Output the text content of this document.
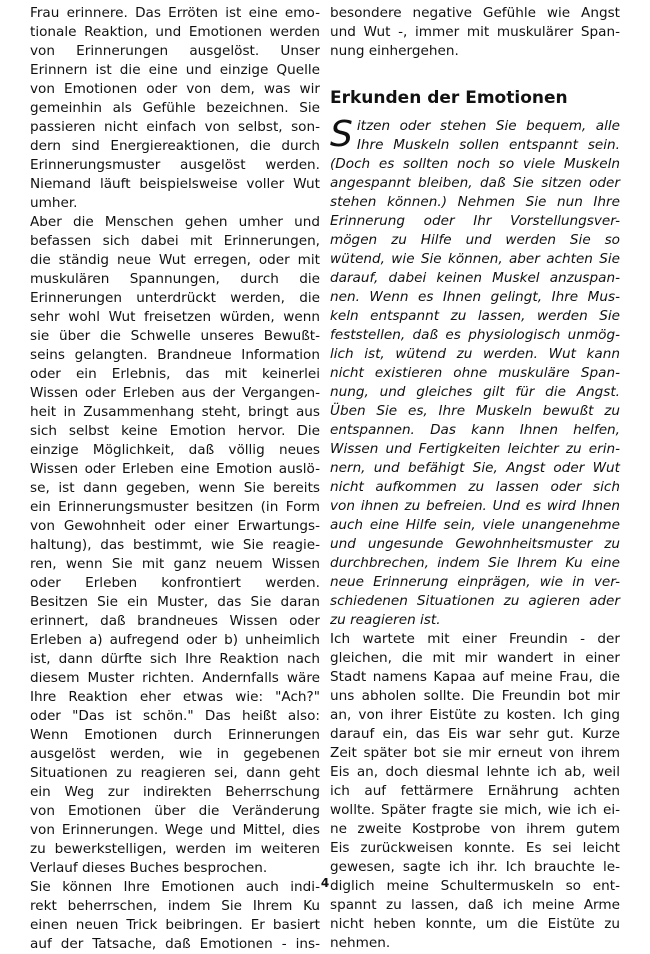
Frau erinnere. Das Erröten ist eine emo-
tionale Reaktion, und Emotionen werden
von Erinnerungen ausgelöst. Unser
Erinnern ist die eine und einzige Quelle
von Emotionen oder von dem, was wir
gemeinhin als Gefühle bezeichnen. Sie
passieren nicht einfach von selbst, son-
dern sind Energiereaktionen, die durch
Erinnerungsmuster ausgelöst werden.
Niemand läuft beispielsweise voller Wut
umher.
Aber die Menschen gehen umher und
befassen sich dabei mit Erinnerungen,
die ständig neue Wut erregen, oder mit
muskulären Spannungen, durch die
Erinnerungen unterdrückt werden, die
sehr wohl Wut freisetzen würden, wenn
sie über die Schwelle unseres Bewußt-
seins gelangten. Brandneue Information
oder ein Erlebnis, das mit keinerlei
Wissen oder Erleben aus der Vergangen-
heit in Zusammenhang steht, bringt aus
sich selbst keine Emotion hervor. Die
einzige Möglichkeit, daß völlig neues
Wissen oder Erleben eine Emotion auslö-
se, ist dann gegeben, wenn Sie bereits
ein Erinnerungsmuster besitzen (in Form
von Gewohnheit oder einer Erwartungs-
haltung), das bestimmt, wie Sie reagie-
ren, wenn Sie mit ganz neuem Wissen
oder Erleben konfrontiert werden.
Besitzen Sie ein Muster, das Sie daran
erinnert, daß brandneues Wissen oder
Erleben a) aufregend oder b) unheimlich
ist, dann dürfte sich Ihre Reaktion nach
diesem Muster richten. Andernfalls wäre
Ihre Reaktion eher etwas wie: "Ach?"
oder "Das ist schön." Das heißt also:
Wenn Emotionen durch Erinnerungen
ausgelöst werden, wie in gegebenen
Situationen zu reagieren sei, dann geht
ein Weg zur indirekten Beherrschung
von Emotionen über die Veränderung
von Erinnerungen. Wege und Mittel, dies
zu bewerkstelligen, werden im weiteren
Verlauf dieses Buches besprochen.
Sie können Ihre Emotionen auch indi-
rekt beherrschen, indem Sie Ihrem Ku
einen neuen Trick beibringen. Er basiert
auf der Tatsache, daß Emotionen - ins-
besondere negative Gefühle wie Angst
und Wut -, immer mit muskulärer Span-
nung einhergehen.
Erkunden der Emotionen
S itzen oder stehen Sie bequem, alle
Ihre Muskeln sollen entspannt sein.
(Doch es sollten noch so viele Muskeln
angespannt bleiben, daß Sie sitzen oder
stehen können.) Nehmen Sie nun Ihre
Erinnerung oder Ihr Vorstellungsver-
mögen zu Hilfe und werden Sie so
wütend, wie Sie können, aber achten Sie
darauf, dabei keinen Muskel anzuspan-
nen. Wenn es Ihnen gelingt, Ihre Mus-
keln entspannt zu lassen, werden Sie
feststellen, daß es physiologisch unmög-
lich ist, wütend zu werden. Wut kann
nicht existieren ohne muskuläre Span-
nung, und gleiches gilt für die Angst.
Üben Sie es, Ihre Muskeln bewußt zu
entspannen. Das kann Ihnen helfen,
Wissen und Fertigkeiten leichter zu erin-
nern, und befähigt Sie, Angst oder Wut
nicht aufkommen zu lassen oder sich
von ihnen zu befreien. Und es wird Ihnen
auch eine Hilfe sein, viele unangenehme
und ungesunde Gewohnheitsmuster zu
durchbrechen, indem Sie Ihrem Ku eine
neue Erinnerung einprägen, wie in ver-
schiedenen Situationen zu agieren ader
zu reagieren ist.
Ich wartete mit einer Freundin - der
gleichen, die mit mir wandert in einer
Stadt namens Kapaa auf meine Frau, die
uns abholen sollte. Die Freundin bot mir
an, von ihrer Eistüte zu kosten. Ich ging
darauf ein, das Eis war sehr gut. Kurze
Zeit später bot sie mir erneut von ihrem
Eis an, doch diesmal lehnte ich ab, weil
ich auf fettärmere Ernährung achten
wollte. Später fragte sie mich, wie ich ei-
ne zweite Kostprobe von ihrem gutem
Eis zurückweisen konnte. Es sei leicht
gewesen, sagte ich ihr. Ich brauchte le-
diglich meine Schultermuskeln so ent-
spannt zu lassen, daß ich meine Arme
nicht heben konnte, um die Eistüte zu
nehmen.
4
